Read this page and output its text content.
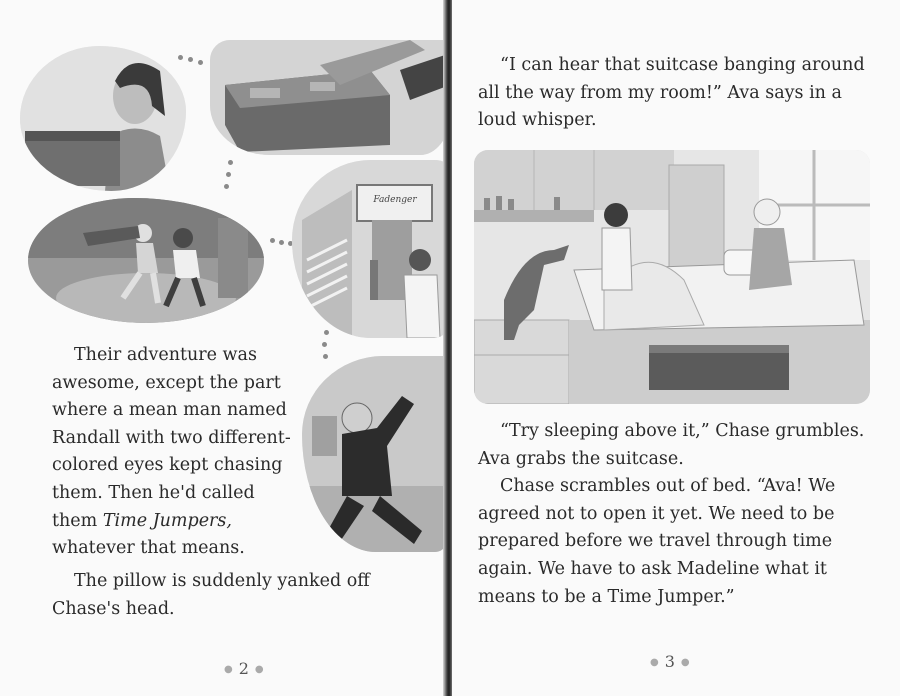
Fadenger

Their adventure was awesome, except the part where a mean man named Randall with two different-colored eyes kept chasing them. Then he'd called them Time Jumpers, whatever that means.

The pillow is suddenly yanked off Chase's head.

● 2 ●

“I can hear that suitcase banging around all the way from my room!” Ava says in a loud whisper.

“Try sleeping above it,” Chase grumbles. Ava grabs the suitcase.

Chase scrambles out of bed. “Ava! We agreed not to open it yet. We need to be prepared before we travel through time again. We have to ask Madeline what it means to be a Time Jumper.”

● 3 ●
